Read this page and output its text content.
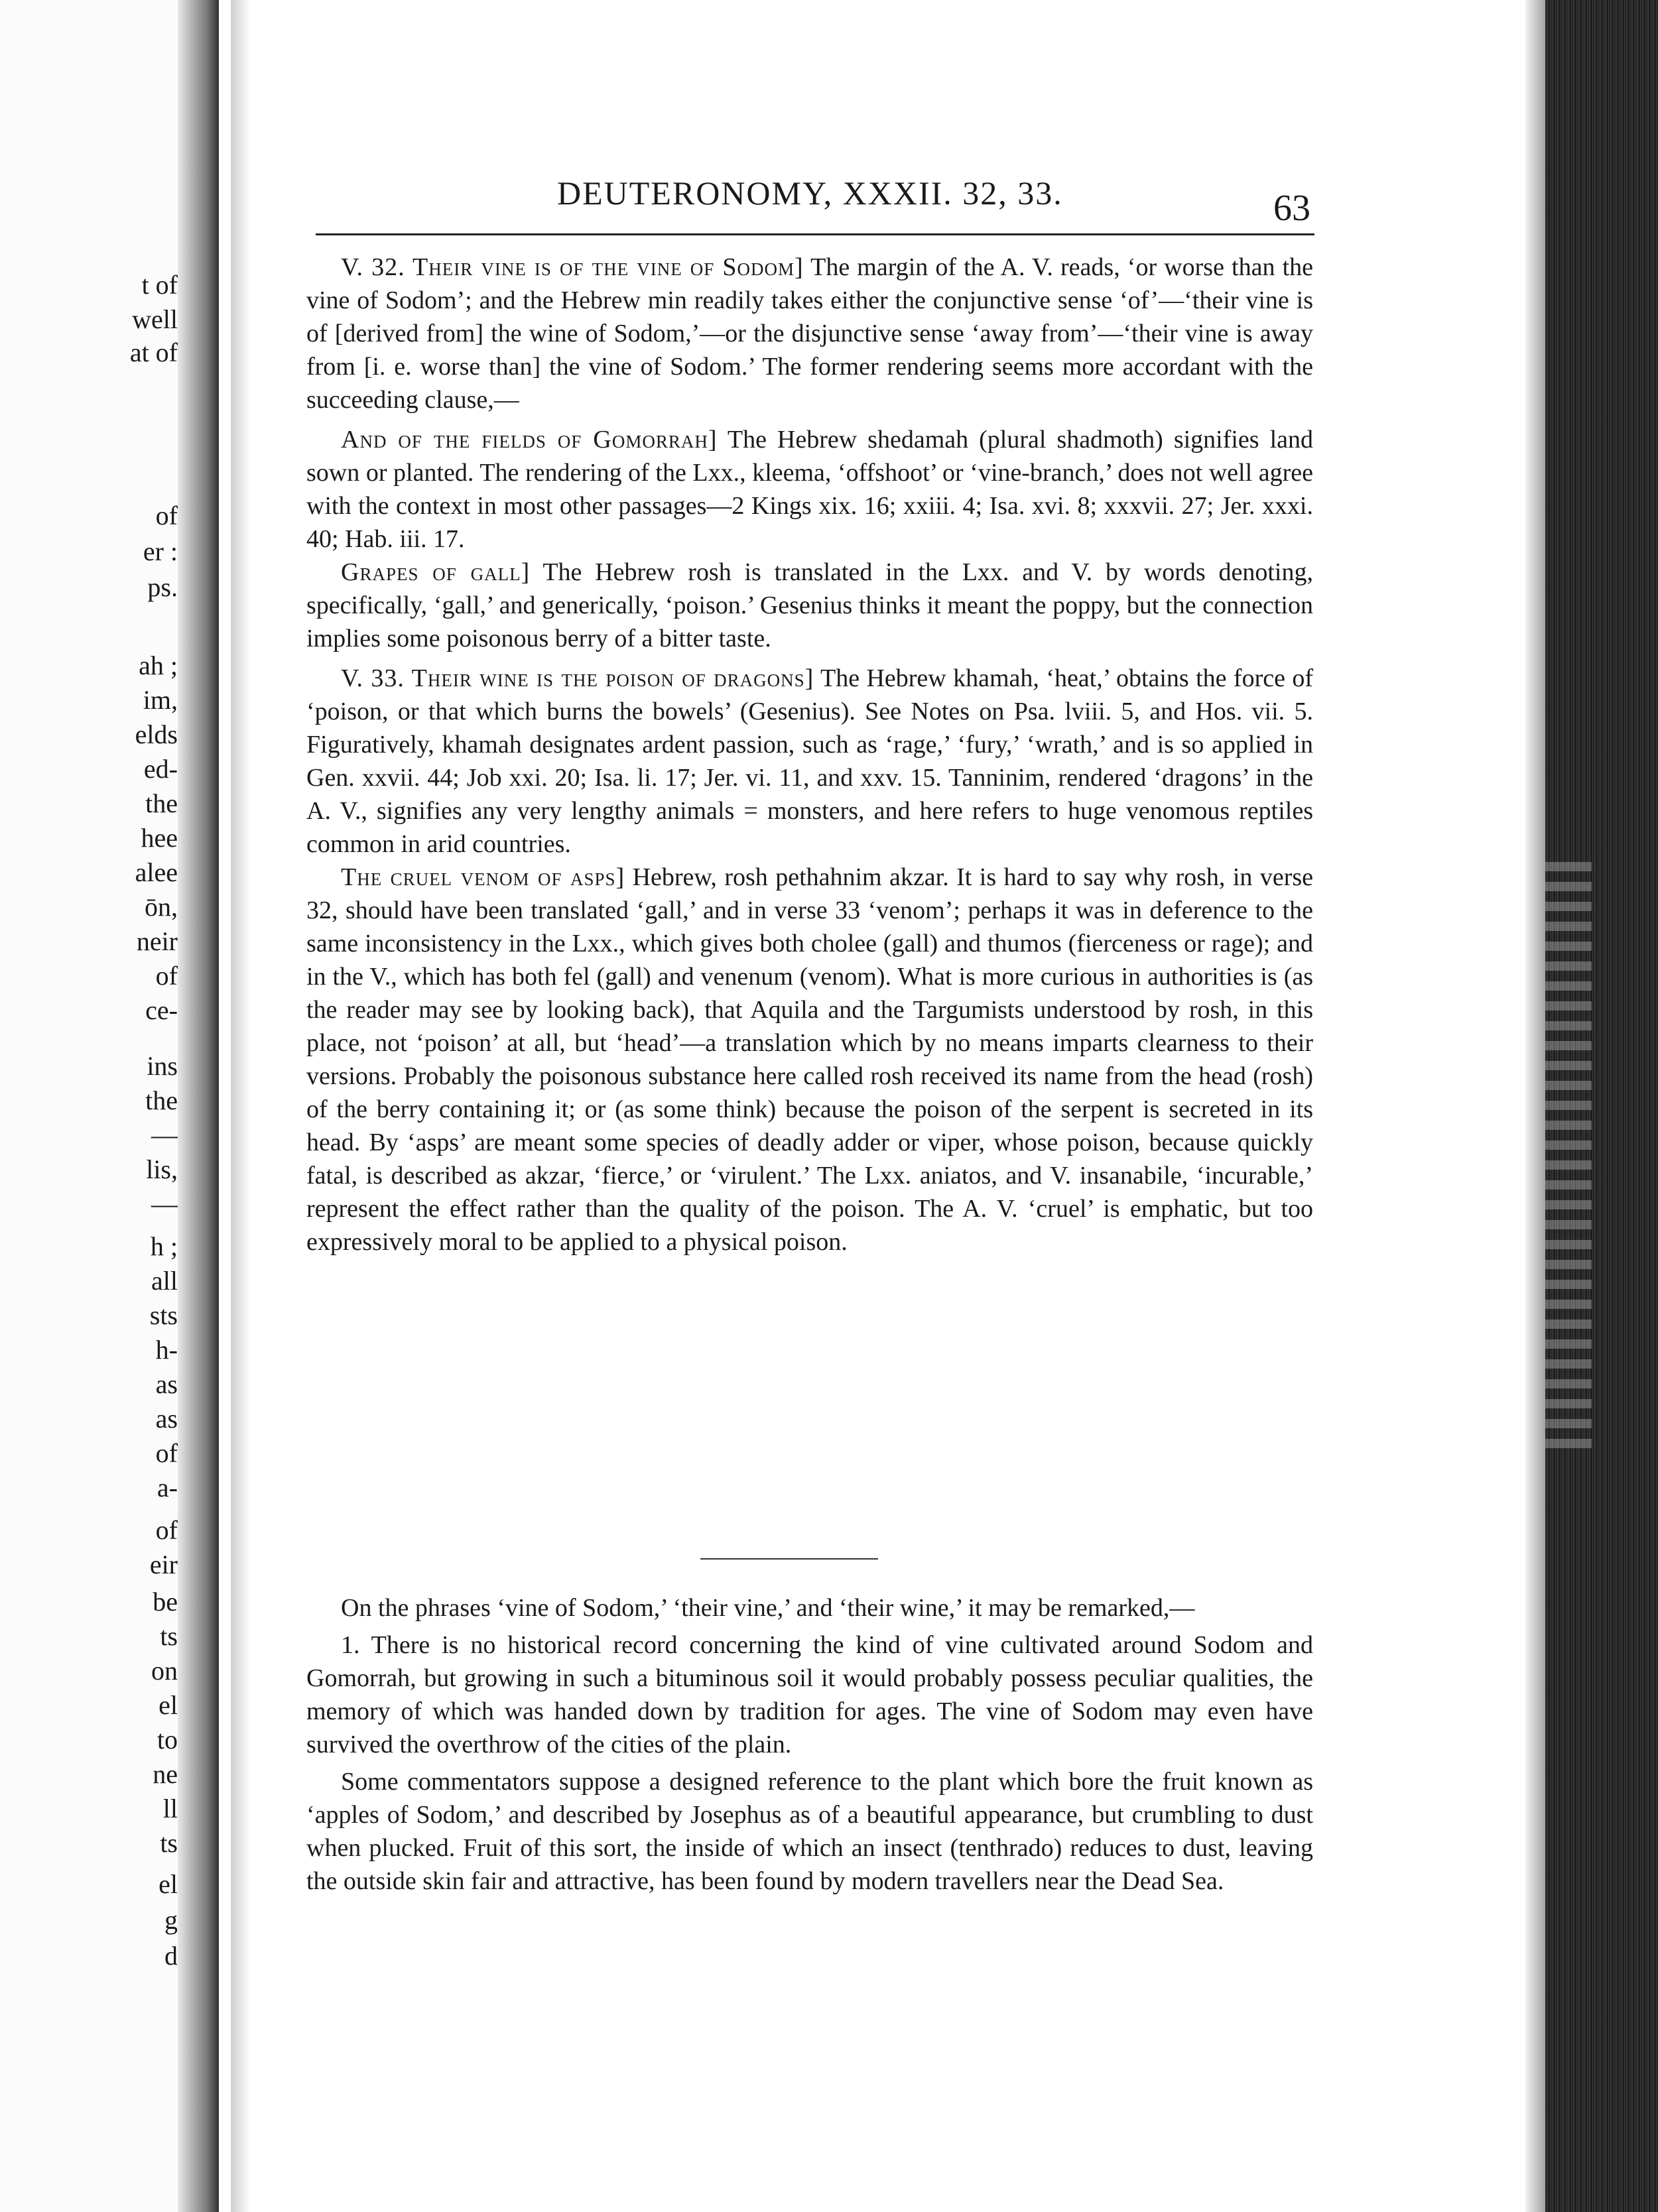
t of
well
at of
of
er :
ps.
ah ;
im,
elds
ed-
the
hee
alee
ōn,
neir
of
ce-
ins
the
—
lis,
—
h ;
all
sts
h-
as
as
of
a-
of
eir
be
ts
on
el
to
ne
ll
ts
el
g
d
DEUTERONOMY, XXXII. 32, 33.	63

V. 32. Their vine is of the vine of Sodom] The margin of the A. V. reads, ‘or worse than the vine of Sodom’; and the Hebrew min readily takes either the conjunctive sense ‘of’—‘their vine is of [derived from] the wine of Sodom,’—or the disjunctive sense ‘away from’—‘their vine is away from [i. e. worse than] the vine of Sodom.’ The former rendering seems more accordant with the succeeding clause,—

And of the fields of Gomorrah] The Hebrew shedamah (plural shadmoth) signifies land sown or planted. The rendering of the Lxx., kleema, ‘offshoot’ or ‘vine-branch,’ does not well agree with the context in most other passages—2 Kings xix. 16; xxiii. 4; Isa. xvi. 8; xxxvii. 27; Jer. xxxi. 40; Hab. iii. 17.

Grapes of gall] The Hebrew rosh is translated in the Lxx. and V. by words denoting, specifically, ‘gall,’ and generically, ‘poison.’ Gesenius thinks it meant the poppy, but the connection implies some poisonous berry of a bitter taste.

V. 33. Their wine is the poison of dragons] The Hebrew khamah, ‘heat,’ obtains the force of ‘poison, or that which burns the bowels’ (Gesenius). See Notes on Psa. lviii. 5, and Hos. vii. 5. Figuratively, khamah designates ardent passion, such as ‘rage,’ ‘fury,’ ‘wrath,’ and is so applied in Gen. xxvii. 44; Job xxi. 20; Isa. li. 17; Jer. vi. 11, and xxv. 15. Tanninim, rendered ‘dragons’ in the A. V., signifies any very lengthy animals = monsters, and here refers to huge venomous reptiles common in arid countries.

The cruel venom of asps] Hebrew, rosh pethahnim akzar. It is hard to say why rosh, in verse 32, should have been translated ‘gall,’ and in verse 33 ‘venom’; perhaps it was in deference to the same inconsistency in the Lxx., which gives both cholee (gall) and thumos (fierceness or rage); and in the V., which has both fel (gall) and venenum (venom). What is more curious in authorities is (as the reader may see by looking back), that Aquila and the Targumists understood by rosh, in this place, not ‘poison’ at all, but ‘head’—a translation which by no means imparts clearness to their versions. Probably the poisonous substance here called rosh received its name from the head (rosh) of the berry containing it; or (as some think) because the poison of the serpent is secreted in its head. By ‘asps’ are meant some species of deadly adder or viper, whose poison, because quickly fatal, is described as akzar, ‘fierce,’ or ‘virulent.’ The Lxx. aniatos, and V. insanabile, ‘incurable,’ represent the effect rather than the quality of the poison. The A. V. ‘cruel’ is emphatic, but too expressively moral to be applied to a physical poison.

On the phrases ‘vine of Sodom,’ ‘their vine,’ and ‘their wine,’ it may be remarked,—

1. There is no historical record concerning the kind of vine cultivated around Sodom and Gomorrah, but growing in such a bituminous soil it would probably possess peculiar qualities, the memory of which was handed down by tradition for ages. The vine of Sodom may even have survived the overthrow of the cities of the plain.

Some commentators suppose a designed reference to the plant which bore the fruit known as ‘apples of Sodom,’ and described by Josephus as of a beautiful appearance, but crumbling to dust when plucked. Fruit of this sort, the inside of which an insect (tenthrado) reduces to dust, leaving the outside skin fair and attractive, has been found by modern travellers near the Dead Sea.
